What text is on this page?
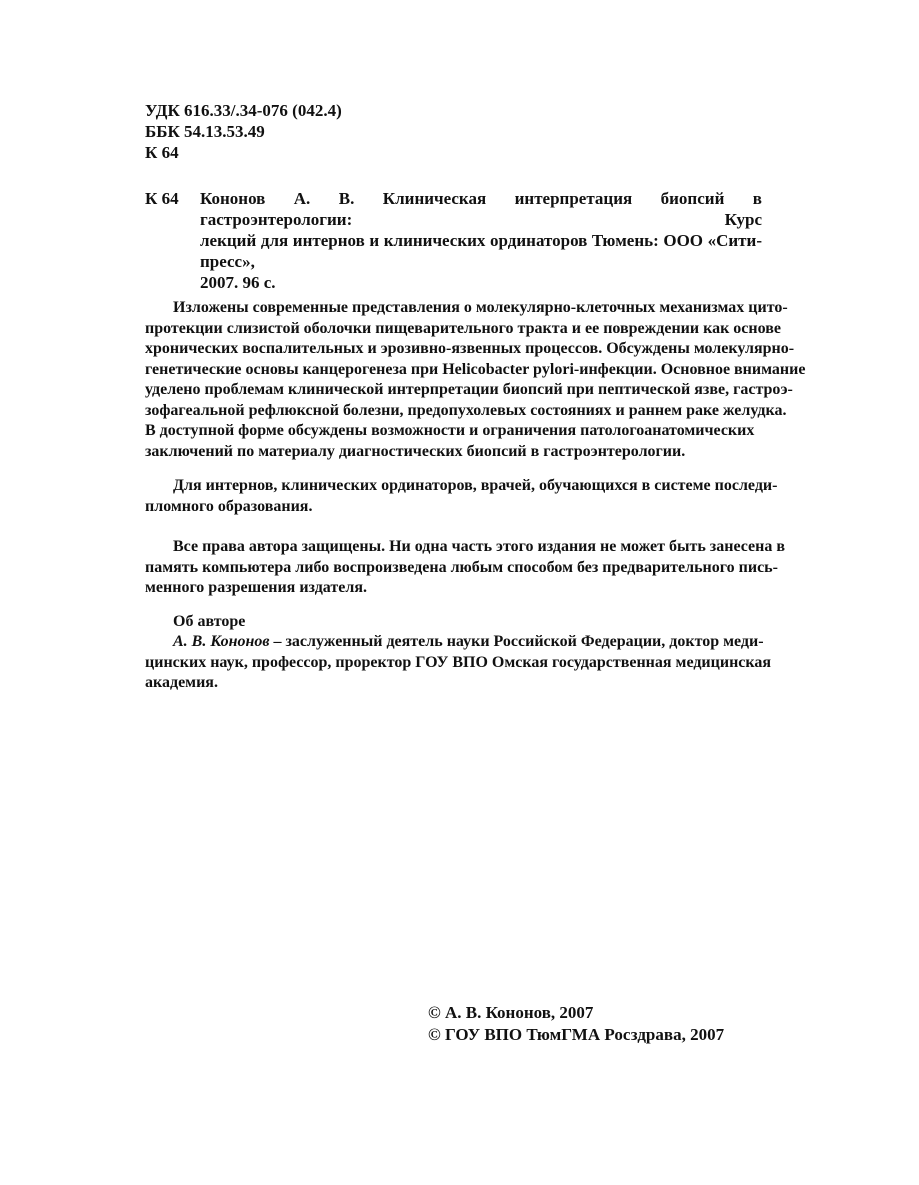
УДК 616.33/.34-076 (042.4)
ББК 54.13.53.49
К 64
К 64 Кононов А. В. Клиническая интерпретация биопсий в гастроэнтерологии: Курс
лекций для интернов и клинических ординаторов Тюмень: ООО «Сити-пресс»,
2007. 96 с.
Изложены современные представления о молекулярно-клеточных механизмах цито-
протекции слизистой оболочки пищеварительного тракта и ее повреждении как основе
хронических воспалительных и эрозивно-язвенных процессов. Обсуждены молекулярно-
генетические основы канцерогенеза при Helicobacter pylori-инфекции. Основное внимание
уделено проблемам клинической интерпретации биопсий при пептической язве, гастроэ-
зофагеальной рефлюксной болезни, предопухолевых состояниях и раннем раке желудка.
В доступной форме обсуждены возможности и ограничения патологоанатомических
заключений по материалу диагностических биопсий в гастроэнтерологии.
Для интернов, клинических ординаторов, врачей, обучающихся в системе последи-
пломного образования.
Все права автора защищены. Ни одна часть этого издания не может быть занесена в
память компьютера либо воспроизведена любым способом без предварительного пись-
менного разрешения издателя.
Об авторе
А. В. Кононов – заслуженный деятель науки Российской Федерации, доктор меди-
цинских наук, профессор, проректор ГОУ ВПО Омская государственная медицинская
академия.
© А. В. Кононов, 2007
© ГОУ ВПО ТюмГМА Росздрава, 2007
